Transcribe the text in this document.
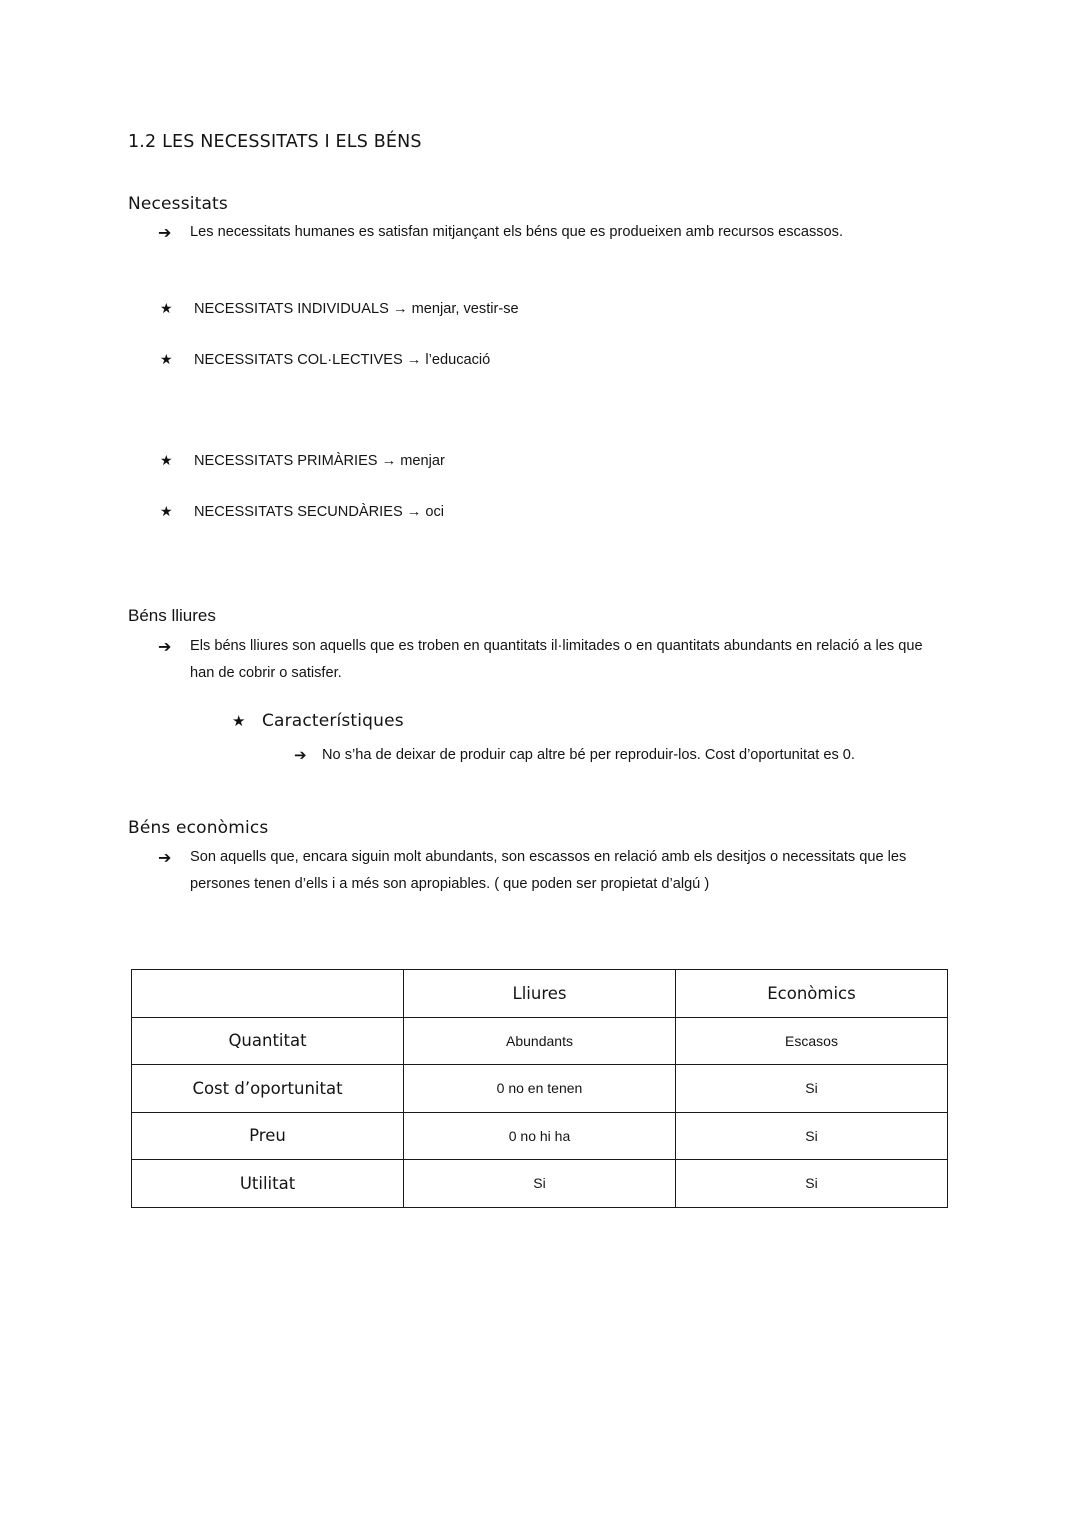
1.2 LES NECESSITATS I ELS BÉNS
Necessitats
➔	Les necessitats humanes es satisfan mitjançant els béns que es produeixen amb recursos escassos.
★	NECESSITATS INDIVIDUALS → menjar, vestir-se
★	NECESSITATS COL·LECTIVES → l’educació
★	NECESSITATS PRIMÀRIES → menjar
★	NECESSITATS SECUNDÀRIES → oci
Béns lliures
➔	Els béns lliures son aquells que es troben en quantitats il·limitades o en quantitats abundants en relació a les que han de cobrir o satisfer.
★ Característiques
➔	No s’ha de deixar de produir cap altre bé per reproduir-los. Cost d’oportunitat es 0.
Béns econòmics
➔	Son aquells que, encara siguin molt abundants, son escassos en relació amb els desitjos o necessitats que les persones tenen d’ells i a més son apropiables. ( que poden ser propietat d’algú )
	Lliures	Econòmics
Quantitat	Abundants	Escasos
Cost d’oportunitat	0 no en tenen	Si
Preu	0 no hi ha	Si
Utilitat	Si	Si
